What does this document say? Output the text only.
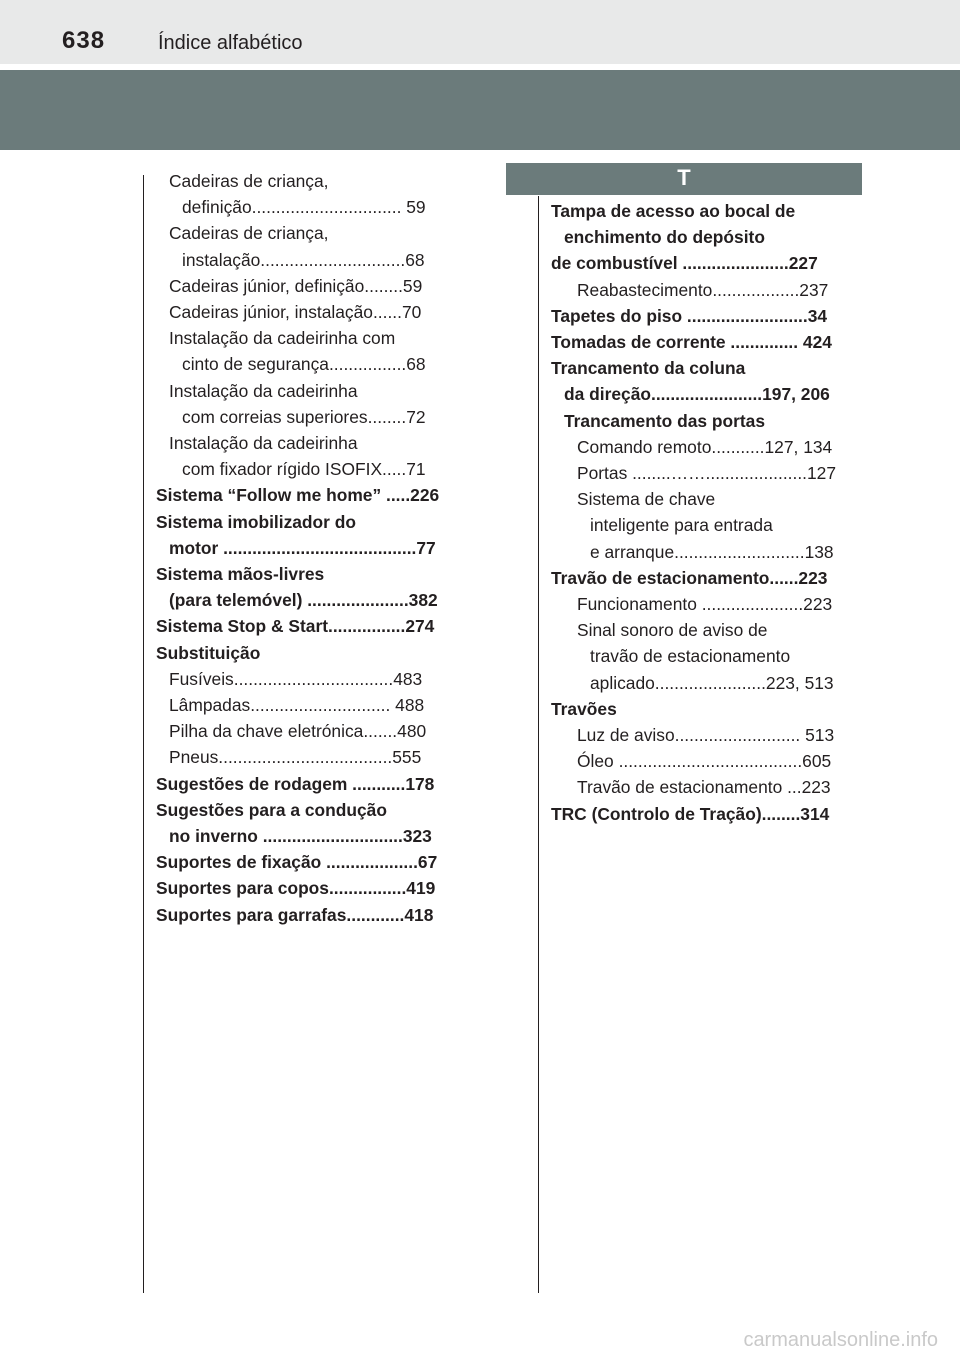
638	Índice alfabético
Cadeiras de criança,
definição............................... 59
Cadeiras de criança,
instalação..............................68
Cadeiras júnior, definição........59
Cadeiras júnior, instalação......70
Instalação da cadeirinha com
cinto de segurança................68
Instalação da cadeirinha
com correias superiores........72
Instalação da cadeirinha
com fixador rígido ISOFIX.....71
Sistema “Follow me home” .....226
Sistema imobilizador do
motor ........................................77
Sistema mãos-livres
(para telemóvel) .....................382
Sistema Stop & Start................274
Substituição
Fusíveis.................................483
Lâmpadas............................. 488
Pilha da chave eletrónica.......480
Pneus....................................555
Sugestões de rodagem ...........178
Sugestões para a condução
no inverno .............................323
Suportes de fixação ...................67
Suportes para copos................419
Suportes para garrafas............418
T
Tampa de acesso ao bocal de
enchimento do depósito
de combustível ......................227
Reabastecimento..................237
Tapetes do piso .........................34
Tomadas de corrente .............. 424
Trancamento da coluna
da direção.......................197, 206
Trancamento das portas
Comando remoto...........127, 134
Portas ........…….....................127
Sistema de chave
inteligente para entrada
e arranque...........................138
Travão de estacionamento......223
Funcionamento .....................223
Sinal sonoro de aviso de
travão de estacionamento
aplicado.......................223, 513
Travões
Luz de aviso.......................... 513
Óleo ......................................605
Travão de estacionamento ...223
TRC (Controlo de Tração)........314
carmanualsonline.info
